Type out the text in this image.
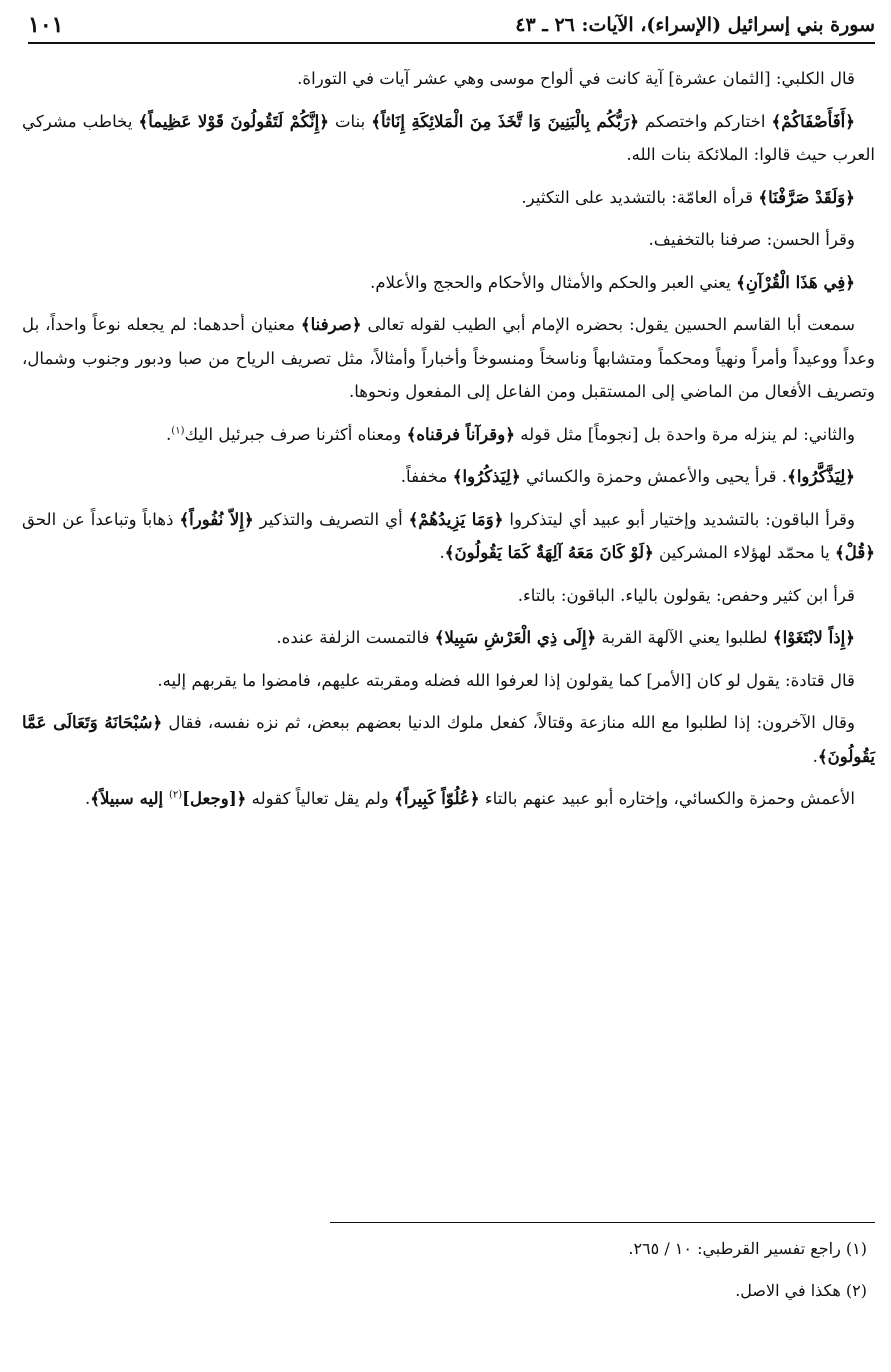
سورة بني إسرائيل (الإسراء)، الآيات: ٢٦ ـ ٤٣
١٠١

قال الكلبي: [الثمان عشرة] آية كانت في ألواح موسى وهي عشر آيات في التوراة.

﴿أَفَأَصْفَاكُمْ﴾ اختاركم واختصكم ﴿رَبُّكُم بِالْبَنِينَ وَا تَّخَذَ مِنَ الْمَلائِكَةِ إِنَاثاً﴾ بنات ﴿إِنَّكُمْ لَتَقُولُونَ قَوْلا عَظِيماً﴾ يخاطب مشركي العرب حيث قالوا: الملائكة بنات الله.

﴿وَلَقَدْ صَرَّفْنَا﴾ قرأه العامّة: بالتشديد على التكثير.

وقرأ الحسن: صرفنا بالتخفيف.

﴿فِي هَذَا الْقُرْآنِ﴾ يعني العبر والحكم والأمثال والأحكام والحجج والأعلام.

سمعت أبا القاسم الحسين يقول: بحضره الإمام أبي الطيب لقوله تعالى ﴿صرفنا﴾ معنيان أحدهما: لم يجعله نوعاً واحداً، بل وعداً ووعيداً وأمراً ونهياً ومحكماً ومتشابهاً وناسخاً ومنسوخاً وأخباراً وأمثالاً، مثل تصريف الرياح من صبا ودبور وجنوب وشمال، وتصريف الأفعال من الماضي إلى المستقبل ومن الفاعل إلى المفعول ونحوها.

والثاني: لم ينزله مرة واحدة بل [نجوماً] مثل قوله ﴿وقرآناً فرقناه﴾ ومعناه أكثرنا صرف جبرئيل اليك$^{(١)}$.

﴿لِيَذَّكَّرُوا﴾. قرأ يحيى والأعمش وحمزة والكسائي ﴿لِيَذكُرُوا﴾ مخففاً.

وقرأ الباقون: بالتشديد وإختيار أبو عبيد أي ليتذكروا ﴿وَمَا يَزِيدُهُمْ﴾ أي التصريف والتذكير ﴿إِلاّ نُفُوراً﴾ ذهاباً وتباعداً عن الحق ﴿قُلْ﴾ يا محمّد لهؤلاء المشركين ﴿لَوْ كَانَ مَعَهُ آلِهَةٌ كَمَا يَقُولُونَ﴾.

قرأ ابن كثير وحفص: يقولون بالياء. الباقون: بالتاء.

﴿إِذاً لابْتَغَوْا﴾ لطلبوا يعني الآلهة القربة ﴿إِلَى ذِي الْعَرْشِ سَبِيلا﴾ فالتمست الزلفة عنده.

قال قتادة: يقول لو كان [الأمر] كما يقولون إذا لعرفوا الله فضله ومقربته عليهم، فامضوا ما يقربهم إليه.

وقال الآخرون: إذا لطلبوا مع الله منازعة وقتالاً، كفعل ملوك الدنيا بعضهم ببعض، ثم نزه نفسه، فقال ﴿سُبْحَانَهُ وَتَعَالَى عَمَّا يَقُولُونَ﴾.

الأعمش وحمزة والكسائي، وإختاره أبو عبيد عنهم بالتاء ﴿عُلُوّاً كَبِيراً﴾ ولم يقل تعالياً كقوله ﴿[وجعل]$^{(٢)}$ إليه سبيلاً﴾.

(١) راجع تفسير القرطبي: ١٠ / ٢٦٥.

(٢) هكذا في الاصل.
